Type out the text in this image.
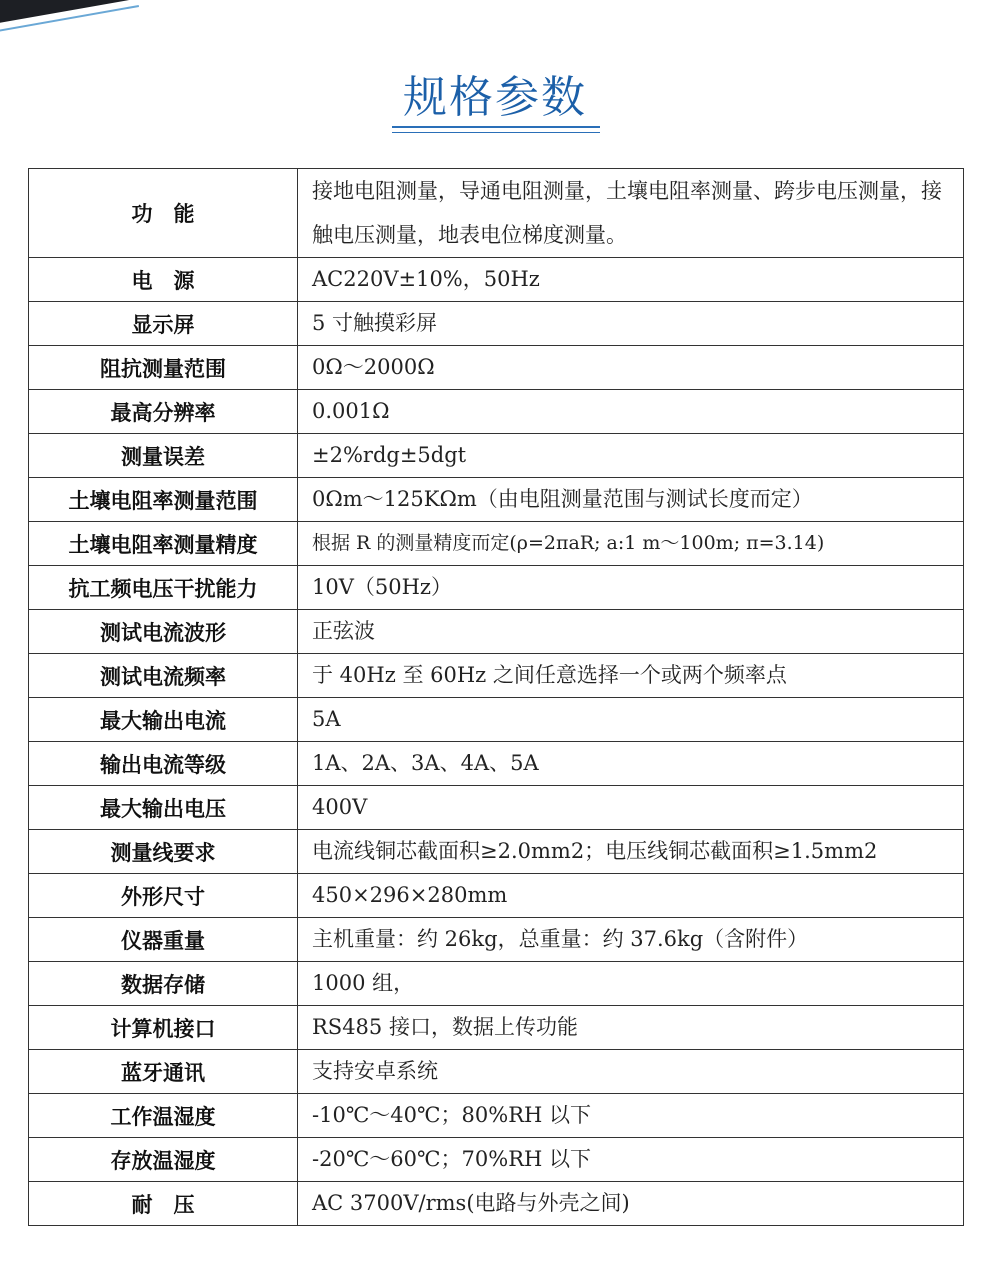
规格参数
功　能	接地电阻测量，导通电阻测量，土壤电阻率测量、跨步电压测量，接触电压测量，地表电位梯度测量。
电　源	AC220V±10%，50Hz
显示屏	5 寸触摸彩屏
阻抗测量范围	0Ω～2000Ω
最高分辨率	0.001Ω
测量误差	±2%rdg±5dgt
土壤电阻率测量范围	0Ωm～125KΩm（由电阻测量范围与测试长度而定）
土壤电阻率测量精度	根据 R 的测量精度而定(ρ=2πaR; a:1 m～100m; π=3.14)
抗工频电压干扰能力	10V（50Hz）
测试电流波形	正弦波
测试电流频率	于 40Hz 至 60Hz 之间任意选择一个或两个频率点
最大输出电流	5A
输出电流等级	1A、2A、3A、4A、5A
最大输出电压	400V
测量线要求	电流线铜芯截面积≥2.0mm2；电压线铜芯截面积≥1.5mm2
外形尺寸	450×296×280mm
仪器重量	主机重量：约 26kg，总重量：约 37.6kg（含附件）
数据存储	1000 组，
计算机接口	RS485 接口，数据上传功能
蓝牙通讯	支持安卓系统
工作温湿度	-10℃～40℃；80%RH 以下
存放温湿度	-20℃～60℃；70%RH 以下
耐　压	AC 3700V/rms(电路与外壳之间)
